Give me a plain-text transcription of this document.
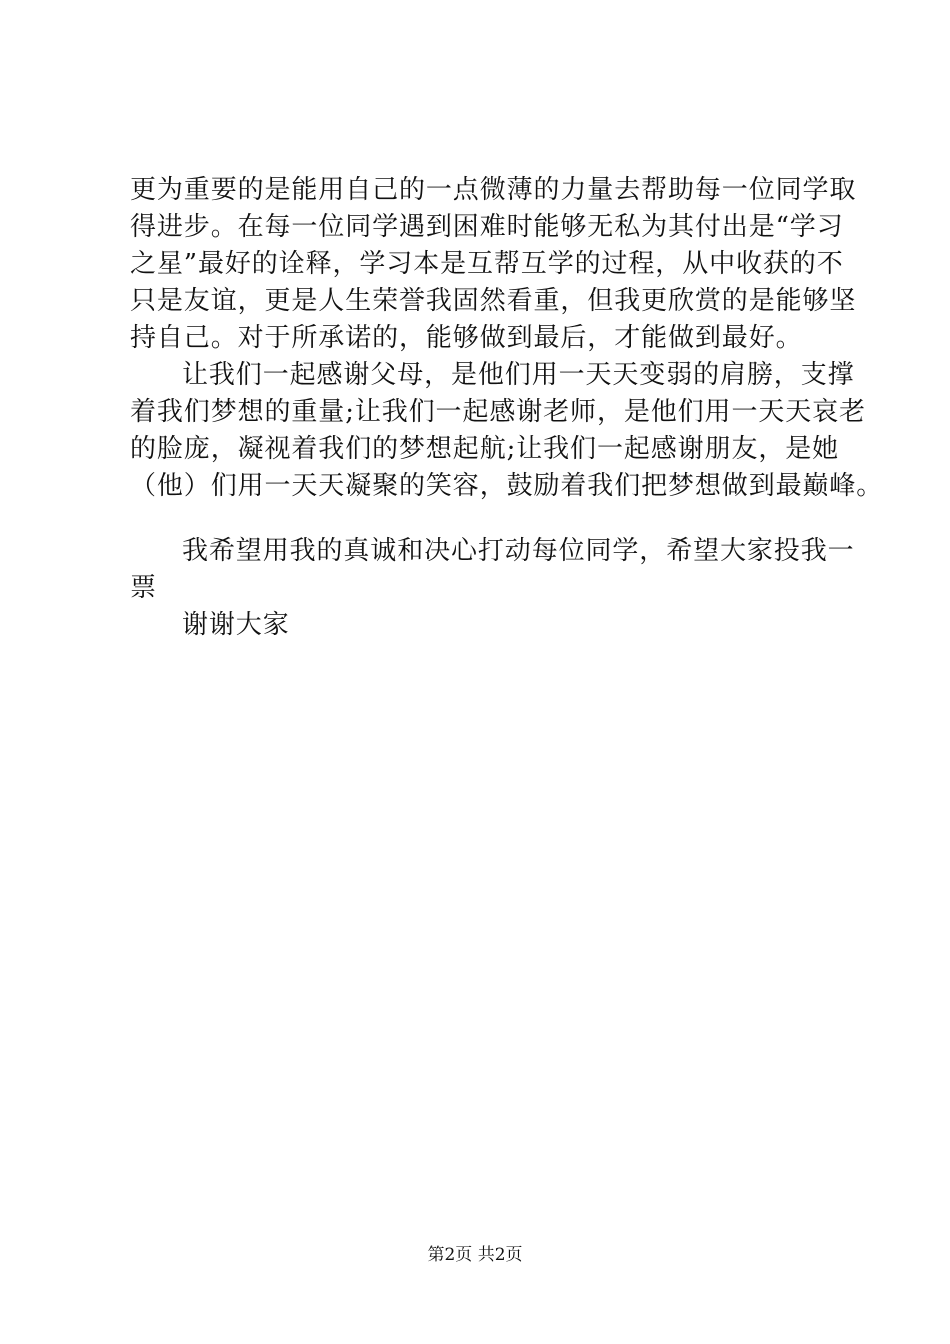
更为重要的是能用自己的一点微薄的力量去帮助每一位同学取
得进步。在每一位同学遇到困难时能够无私为其付出是“学习
之星”最好的诠释，学习本是互帮互学的过程，从中收获的不
只是友谊，更是人生荣誉我固然看重，但我更欣赏的是能够坚
持自己。对于所承诺的，能够做到最后，才能做到最好。
让我们一起感谢父母，是他们用一天天变弱的肩膀，支撑
着我们梦想的重量;让我们一起感谢老师，是他们用一天天哀老
的脸庞，凝视着我们的梦想起航;让我们一起感谢朋友，是她
（他）们用一天天凝聚的笑容，鼓励着我们把梦想做到最巅峰。
我希望用我的真诚和决心打动每位同学，希望大家投我一
票
谢谢大家
第2页 共2页
